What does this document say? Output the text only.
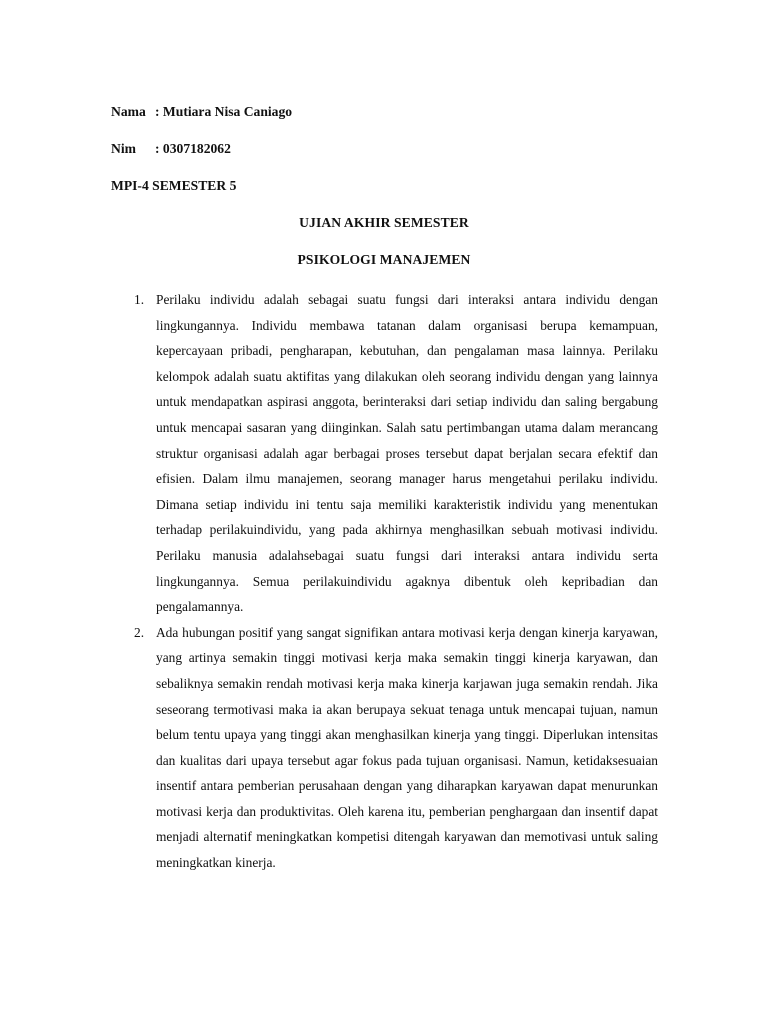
Nama : Mutiara Nisa Caniago
Nim : 0307182062
MPI-4 SEMESTER 5
UJIAN AKHIR SEMESTER
PSIKOLOGI MANAJEMEN
1. Perilaku individu adalah sebagai suatu fungsi dari interaksi antara individu dengan lingkungannya. Individu membawa tatanan dalam organisasi berupa kemampuan, kepercayaan pribadi, pengharapan, kebutuhan, dan pengalaman masa lainnya. Perilaku kelompok adalah suatu aktifitas yang dilakukan oleh seorang individu dengan yang lainnya untuk mendapatkan aspirasi anggota, berinteraksi dari setiap individu dan saling bergabung untuk mencapai sasaran yang diinginkan. Salah satu pertimbangan utama dalam merancang struktur organisasi adalah agar berbagai proses tersebut dapat berjalan secara efektif dan efisien. Dalam ilmu manajemen, seorang manager harus mengetahui perilaku individu. Dimana setiap individu ini tentu saja memiliki karakteristik individu yang menentukan terhadap perilakuindividu, yang pada akhirnya menghasilkan sebuah motivasi individu. Perilaku manusia adalahsebagai suatu fungsi dari interaksi antara individu serta lingkungannya. Semua perilakuindividu agaknya dibentuk oleh kepribadian dan pengalamannya.
2. Ada hubungan positif yang sangat signifikan antara motivasi kerja dengan kinerja karyawan, yang artinya semakin tinggi motivasi kerja maka semakin tinggi kinerja karyawan, dan sebaliknya semakin rendah motivasi kerja maka kinerja karjawan juga semakin rendah. Jika seseorang termotivasi maka ia akan berupaya sekuat tenaga untuk mencapai tujuan, namun belum tentu upaya yang tinggi akan menghasilkan kinerja yang tinggi. Diperlukan intensitas dan kualitas dari upaya tersebut agar fokus pada tujuan organisasi. Namun, ketidaksesuaian insentif antara pemberian perusahaan dengan yang diharapkan karyawan dapat menurunkan motivasi kerja dan produktivitas. Oleh karena itu, pemberian penghargaan dan insentif dapat menjadi alternatif meningkatkan kompetisi ditengah karyawan dan memotivasi untuk saling meningkatkan kinerja.
